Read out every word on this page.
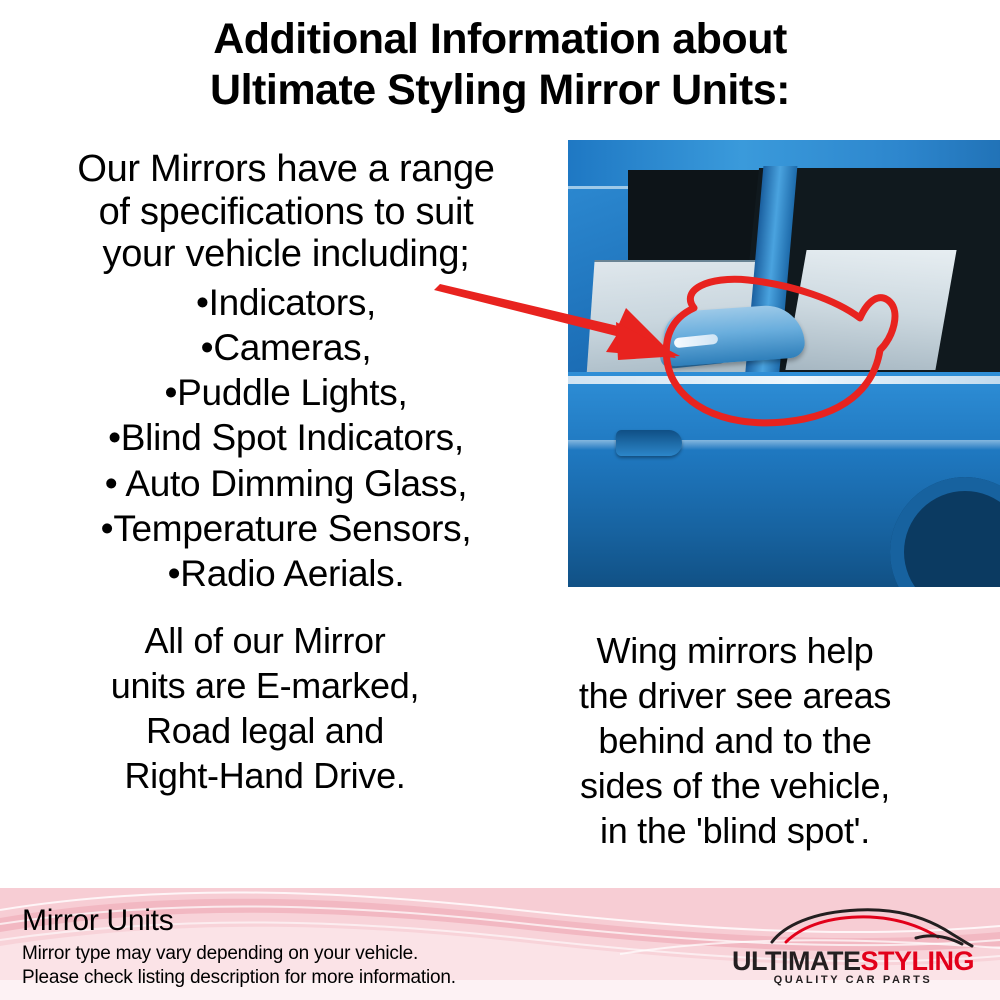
Additional Information about
Ultimate Styling Mirror Units:
Our Mirrors have a range
of specifications to suit
your vehicle including;
•Indicators,
•Cameras,
•Puddle Lights,
•Blind Spot Indicators,
• Auto Dimming Glass,
•Temperature Sensors,
•Radio Aerials.
All of our Mirror
units are E-marked,
Road legal and
Right-Hand Drive.
Wing mirrors help
the driver see areas
behind and to the
sides of the vehicle,
in the 'blind spot'.
Mirror Units
Mirror type may vary depending on your vehicle.
Please check listing description for more information.
ULTIMATESTYLING
QUALITY CAR PARTS
